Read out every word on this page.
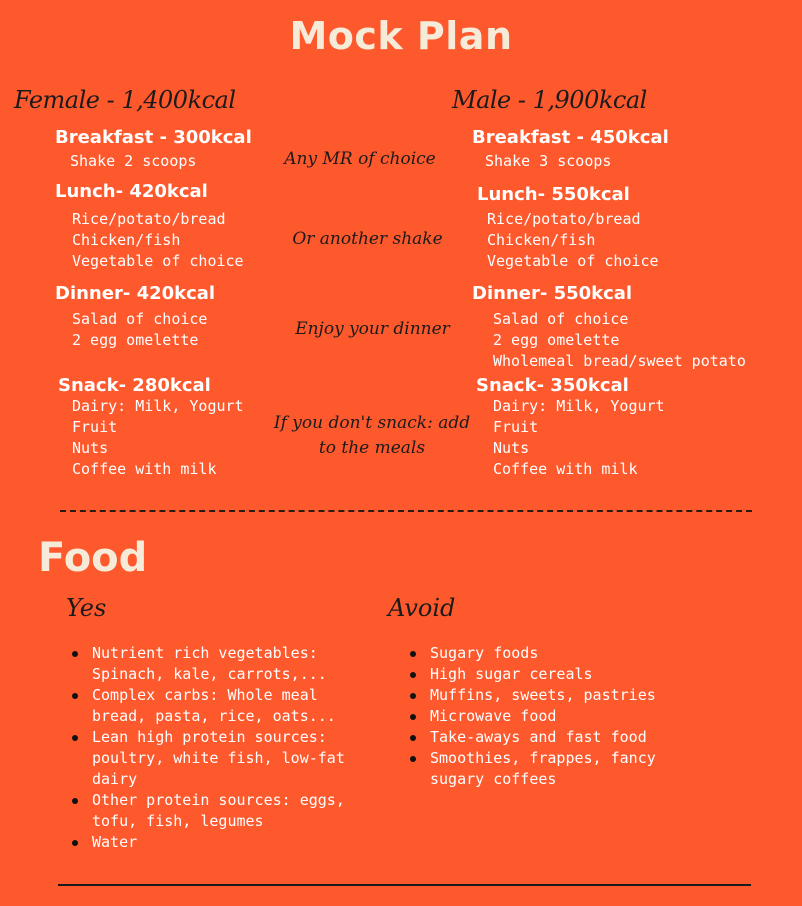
Mock Plan
Female - 1,400kcal
Breakfast - 300kcal
Shake 2 scoops
Lunch- 420kcal
Rice/potato/bread
Chicken/fish
Vegetable of choice
Dinner- 420kcal
Salad of choice
2 egg omelette
Snack- 280kcal
Dairy: Milk, Yogurt
Fruit
Nuts
Coffee with milk
Any MR of choice
Or another shake
Enjoy your dinner
If you don't snack: add
to the meals
Male - 1,900kcal
Breakfast - 450kcal
Shake 3 scoops
Lunch- 550kcal
Rice/potato/bread
Chicken/fish
Vegetable of choice
Dinner- 550kcal
Salad of choice
2 egg omelette
Wholemeal bread/sweet potato
Snack- 350kcal
Dairy: Milk, Yogurt
Fruit
Nuts
Coffee with milk
Food
Yes
Nutrient rich vegetables:
Spinach, kale, carrots,...
Complex carbs: Whole meal
bread, pasta, rice, oats...
Lean high protein sources:
poultry, white fish, low-fat
dairy
Other protein sources: eggs,
tofu, fish, legumes
Water
Avoid
Sugary foods
High sugar cereals
Muffins, sweets, pastries
Microwave food
Take-aways and fast food
Smoothies, frappes, fancy
sugary coffees
